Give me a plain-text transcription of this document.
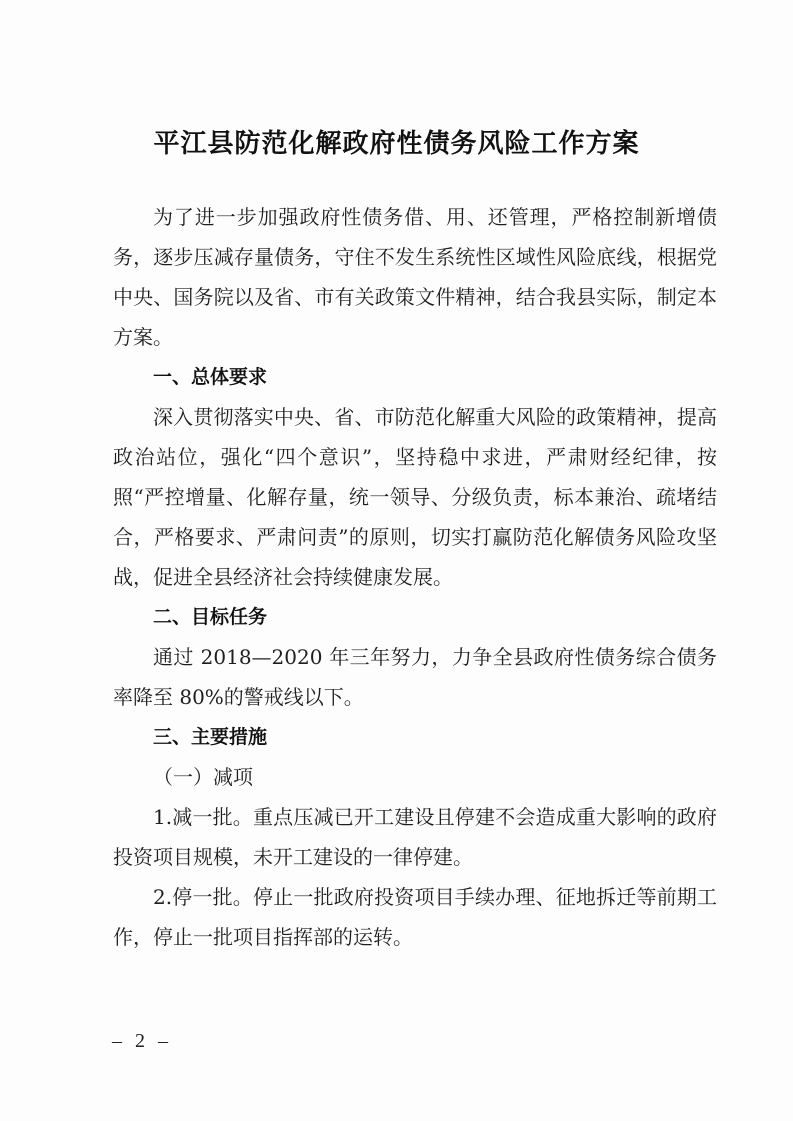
平江县防范化解政府性债务风险工作方案

为了进一步加强政府性债务借、用、还管理，严格控制新增债务，逐步压减存量债务，守住不发生系统性区域性风险底线，根据党中央、国务院以及省、市有关政策文件精神，结合我县实际，制定本方案。

一、总体要求

深入贯彻落实中央、省、市防范化解重大风险的政策精神，提高政治站位，强化“四个意识”，坚持稳中求进，严肃财经纪律，按照“严控增量、化解存量，统一领导、分级负责，标本兼治、疏堵结合，严格要求、严肃问责”的原则，切实打赢防范化解债务风险攻坚战，促进全县经济社会持续健康发展。

二、目标任务

通过 2018—2020 年三年努力，力争全县政府性债务综合债务率降至 80%的警戒线以下。

三、主要措施

（一）减项

1.减一批。重点压减已开工建设且停建不会造成重大影响的政府投资项目规模，未开工建设的一律停建。

2.停一批。停止一批政府投资项目手续办理、征地拆迁等前期工作，停止一批项目指挥部的运转。

– 2 –
